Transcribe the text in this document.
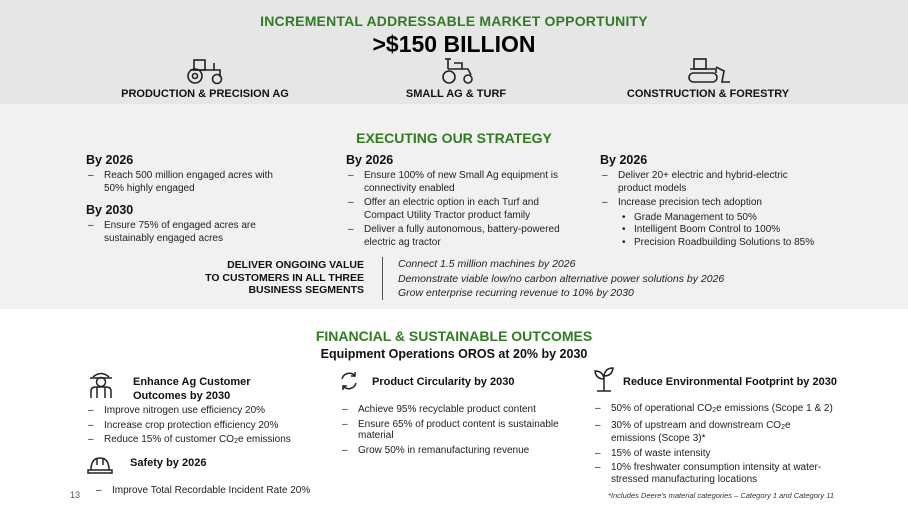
INCREMENTAL ADDRESSABLE MARKET OPPORTUNITY
>$150 BILLION
PRODUCTION & PRECISION AG	SMALL AG & TURF	CONSTRUCTION & FORESTRY
EXECUTING OUR STRATEGY
By 2026
– Reach 500 million engaged acres with 50% highly engaged
By 2030
– Ensure 75% of engaged acres are sustainably engaged acres
By 2026
– Ensure 100% of new Small Ag equipment is connectivity enabled
– Offer an electric option in each Turf and Compact Utility Tractor product family
– Deliver a fully autonomous, battery-powered electric ag tractor
By 2026
– Deliver 20+ electric and hybrid-electric product models
– Increase precision tech adoption
• Grade Management to 50%
• Intelligent Boom Control to 100%
• Precision Roadbuilding Solutions to 85%
DELIVER ONGOING VALUE
TO CUSTOMERS IN ALL THREE
BUSINESS SEGMENTS
Connect 1.5 million machines by 2026
Demonstrate viable low/no carbon alternative power solutions by 2026
Grow enterprise recurring revenue to 10% by 2030
FINANCIAL & SUSTAINABLE OUTCOMES
Equipment Operations OROS at 20% by 2030
Enhance Ag Customer
Outcomes by 2030
– Improve nitrogen use efficiency 20%
– Increase crop protection efficiency 20%
– Reduce 15% of customer $CO_2e$ emissions
Safety by 2026
– Improve Total Recordable Incident Rate 20%
Product Circularity by 2030
– Achieve 95% recyclable product content
– Ensure 65% of product content is sustainable material
– Grow 50% in remanufacturing revenue
Reduce Environmental Footprint by 2030
– 50% of operational $CO_2e$ emissions (Scope 1 & 2)
– 30% of upstream and downstream $CO_2e$ emissions (Scope 3)*
– 15% of waste intensity
– 10% freshwater consumption intensity at water-stressed manufacturing locations
13	*Includes Deere's material categories – Category 1 and Category 11
